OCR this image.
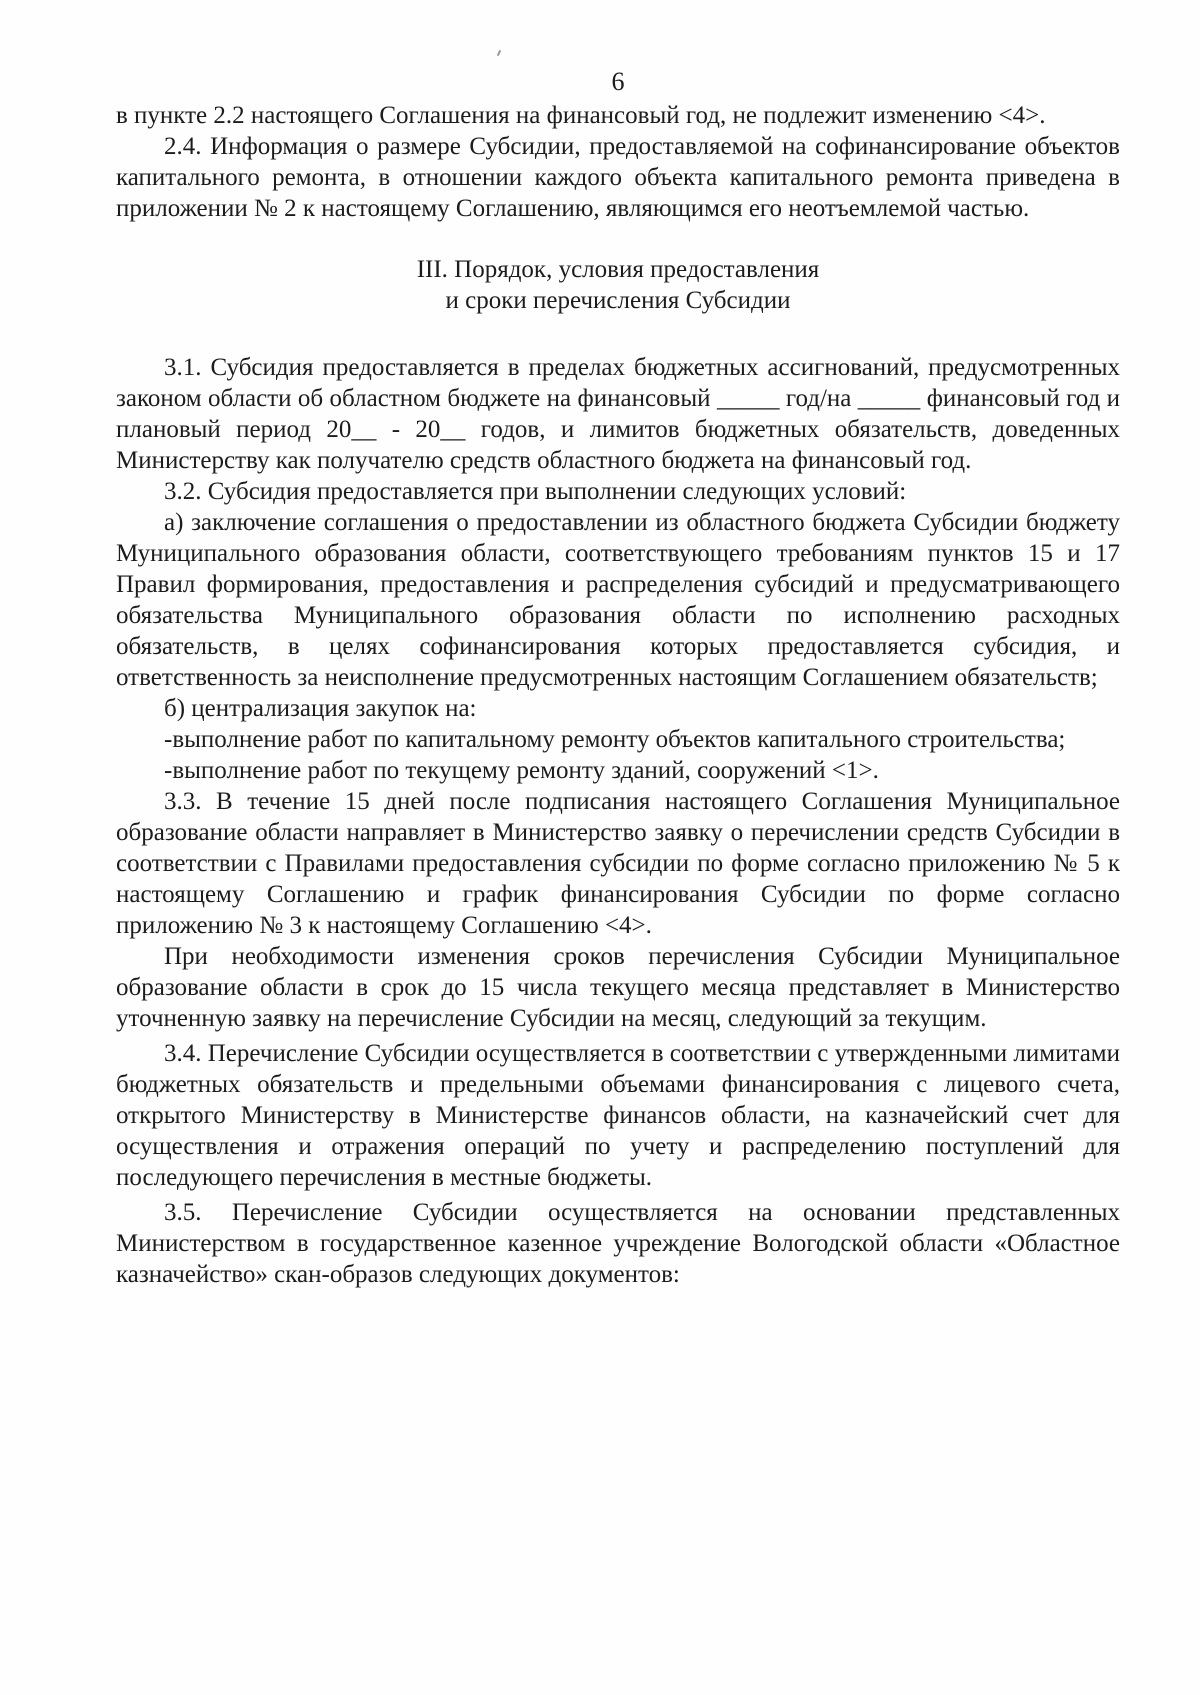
6

в пункте 2.2 настоящего Соглашения на финансовый год, не подлежит изменению <4>.

2.4. Информация о размере Субсидии, предоставляемой на софинансирование объектов капитального ремонта, в отношении каждого объекта капитального ремонта приведена в приложении № 2 к настоящему Соглашению, являющимся его неотъемлемой частью.

III. Порядок, условия предоставления
и сроки перечисления Субсидии

3.1. Субсидия предоставляется в пределах бюджетных ассигнований, предусмотренных законом области об областном бюджете на финансовый _____ год/на _____ финансовый год и плановый период 20__ - 20__ годов, и лимитов бюджетных обязательств, доведенных Министерству как получателю средств областного бюджета на финансовый год.

3.2. Субсидия предоставляется при выполнении следующих условий:

а) заключение соглашения о предоставлении из областного бюджета Субсидии бюджету Муниципального образования области, соответствующего требованиям пунктов 15 и 17 Правил формирования, предоставления и распределения субсидий и предусматривающего обязательства Муниципального образования области по исполнению расходных обязательств, в целях софинансирования которых предоставляется субсидия, и ответственность за неисполнение предусмотренных настоящим Соглашением обязательств;

б) централизация закупок на:

-выполнение работ по капитальному ремонту объектов капитального строительства;

-выполнение работ по текущему ремонту зданий, сооружений <1>.

3.3. В течение 15 дней после подписания настоящего Соглашения Муниципальное образование области направляет в Министерство заявку о перечислении средств Субсидии в соответствии с Правилами предоставления субсидии по форме согласно приложению № 5 к настоящему Соглашению и график финансирования Субсидии по форме согласно приложению № 3 к настоящему Соглашению <4>.

При необходимости изменения сроков перечисления Субсидии Муниципальное образование области в срок до 15 числа текущего месяца представляет в Министерство уточненную заявку на перечисление Субсидии на месяц, следующий за текущим.

3.4. Перечисление Субсидии осуществляется в соответствии с утвержденными лимитами бюджетных обязательств и предельными объемами финансирования с лицевого счета, открытого Министерству в Министерстве финансов области, на казначейский счет для осуществления и отражения операций по учету и распределению поступлений для последующего перечисления в местные бюджеты.

3.5. Перечисление Субсидии осуществляется на основании представленных Министерством в государственное казенное учреждение Вологодской области «Областное казначейство» скан-образов следующих документов:
